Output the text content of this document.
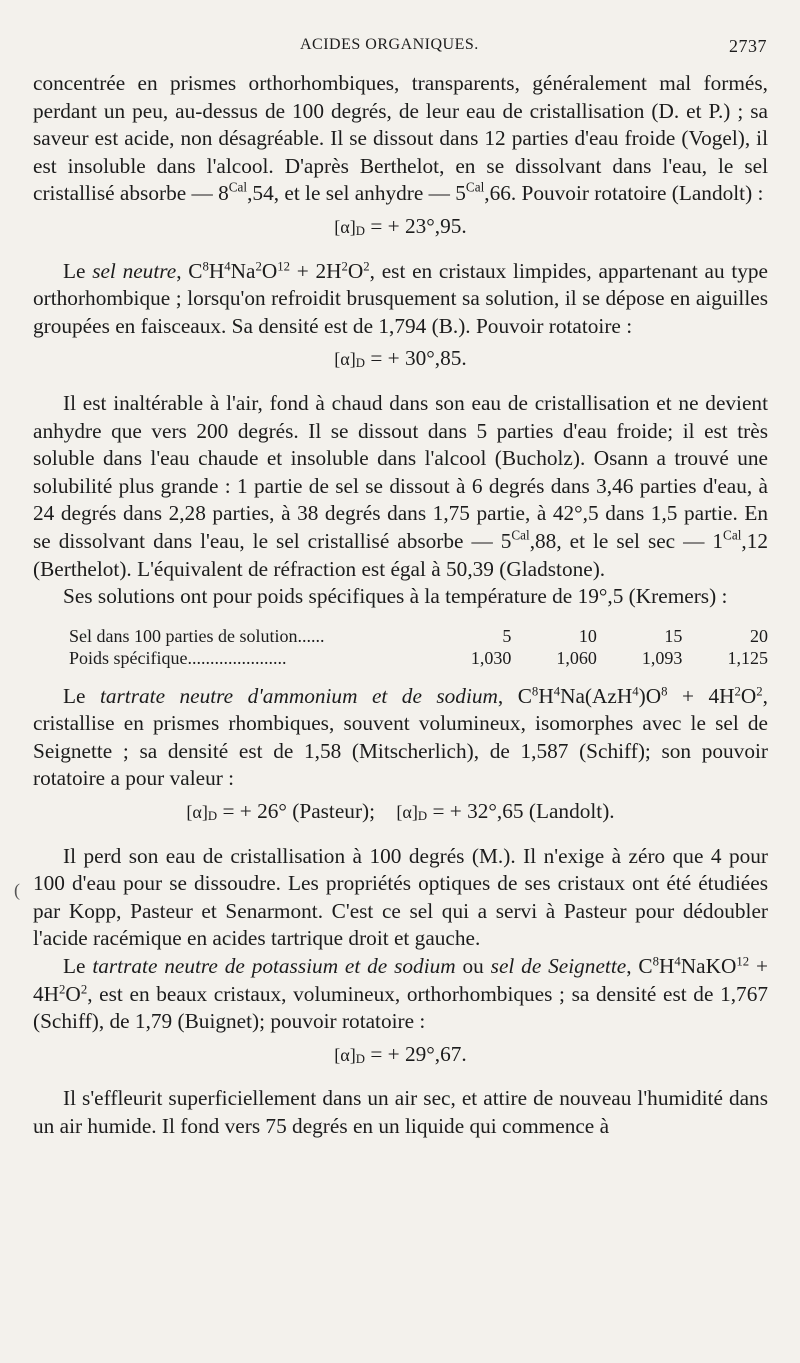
ACIDES ORGANIQUES.	2737
(

concentrée en prismes orthorhombiques, transparents, généralement mal formés, perdant un peu, au-dessus de 100 degrés, de leur eau de cristallisation (D. et P.) ; sa saveur est acide, non désagréable. Il se dissout dans 12 parties d'eau froide (Vogel), il est insoluble dans l'alcool. D'après Berthelot, en se dissolvant dans l'eau, le sel cristallisé absorbe — $8^{Cal},54$, et le sel anhydre — $5^{Cal},66$. Pouvoir rotatoire (Landolt) :

$[\alpha]_D$ = + 23°,95.

Le sel neutre, $C^8H^4Na^2O^{12} + 2H^2O^2$, est en cristaux limpides, appartenant au type orthorhombique ; lorsqu'on refroidit brusquement sa solution, il se dépose en aiguilles groupées en faisceaux. Sa densité est de 1,794 (B.). Pouvoir rotatoire :

$[\alpha]_D$ = + 30°,85.

Il est inaltérable à l'air, fond à chaud dans son eau de cristallisation et ne devient anhydre que vers 200 degrés. Il se dissout dans 5 parties d'eau froide; il est très soluble dans l'eau chaude et insoluble dans l'alcool (Bucholz). Osann a trouvé une solubilité plus grande : 1 partie de sel se dissout à 6 degrés dans 3,46 parties d'eau, à 24 degrés dans 2,28 parties, à 38 degrés dans 1,75 partie, à 42°,5 dans 1,5 partie. En se dissolvant dans l'eau, le sel cristallisé absorbe — $5^{Cal},88$, et le sel sec — $1^{Cal},12$ (Berthelot). L'équivalent de réfraction est égal à 50,39 (Gladstone).

Ses solutions ont pour poids spécifiques à la température de 19°,5 (Kremers) :

Sel dans 100 parties de solution......	5	10	15	20
Poids spécifique......................	1,030	1,060	1,093	1,125

Le tartrate neutre d'ammonium et de sodium, $C^8H^4Na(AzH^4)O^8 + 4H^2O^2$, cristallise en prismes rhombiques, souvent volumineux, isomorphes avec le sel de Seignette ; sa densité est de 1,58 (Mitscherlich), de 1,587 (Schiff); son pouvoir rotatoire a pour valeur :

$[\alpha]_D$ = + 26° (Pasteur); $[\alpha]_D$ = + 32°,65 (Landolt).

Il perd son eau de cristallisation à 100 degrés (M.). Il n'exige à zéro que 4 pour 100 d'eau pour se dissoudre. Les propriétés optiques de ses cristaux ont été étudiées par Kopp, Pasteur et Senarmont. C'est ce sel qui a servi à Pasteur pour dédoubler l'acide racémique en acides tartrique droit et gauche.

Le tartrate neutre de potassium et de sodium ou sel de Seignette, $C^8H^4NaKO^{12} + 4H^2O^2$, est en beaux cristaux, volumineux, orthorhombiques ; sa densité est de 1,767 (Schiff), de 1,79 (Buignet); pouvoir rotatoire :

$[\alpha]_D$ = + 29°,67.

Il s'effleurit superficiellement dans un air sec, et attire de nouveau l'humidité dans un air humide. Il fond vers 75 degrés en un liquide qui commence à
